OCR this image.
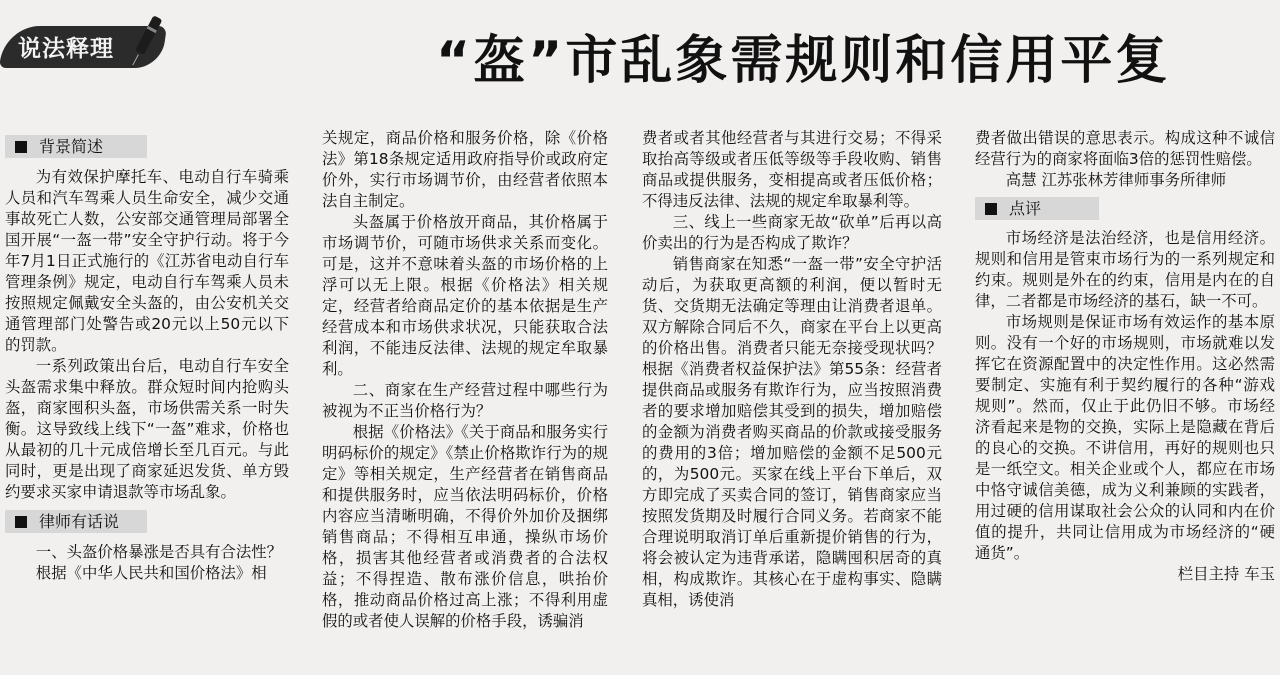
说法释理	“盔”市乱象需规则和信用平复
背景简述

为有效保护摩托车、电动自行车骑乘人员和汽车驾乘人员生命安全，减少交通事故死亡人数，公安部交通管理局部署全国开展“一盔一带”安全守护行动。将于今年7月1日正式施行的《江苏省电动自行车管理条例》规定，电动自行车驾乘人员未按照规定佩戴安全头盔的，由公安机关交通管理部门处警告或20元以上50元以下的罚款。

一系列政策出台后，电动自行车安全头盔需求集中释放。群众短时间内抢购头盔，商家囤积头盔，市场供需关系一时失衡。这导致线上线下“一盔”难求，价格也从最初的几十元成倍增长至几百元。与此同时，更是出现了商家延迟发货、单方毁约要求买家申请退款等市场乱象。

律师有话说

一、头盔价格暴涨是否具有合法性？

根据《中华人民共和国价格法》相

关规定，商品价格和服务价格，除《价格法》第18条规定适用政府指导价或政府定价外，实行市场调节价，由经营者依照本法自主制定。

头盔属于价格放开商品，其价格属于市场调节价，可随市场供求关系而变化。可是，这并不意味着头盔的市场价格的上浮可以无上限。根据《价格法》相关规定，经营者给商品定价的基本依据是生产经营成本和市场供求状况，只能获取合法利润，不能违反法律、法规的规定牟取暴利。

二、商家在生产经营过程中哪些行为被视为不正当价格行为？

根据《价格法》《关于商品和服务实行明码标价的规定》《禁止价格欺诈行为的规定》等相关规定，生产经营者在销售商品和提供服务时，应当依法明码标价，价格内容应当清晰明确，不得价外加价及捆绑销售商品；不得相互串通，操纵市场价格，损害其他经营者或消费者的合法权益；不得捏造、散布涨价信息，哄抬价格，推动商品价格过高上涨；不得利用虚假的或者使人误解的价格手段，诱骗消

费者或者其他经营者与其进行交易；不得采取抬高等级或者压低等级等手段收购、销售商品或提供服务，变相提高或者压低价格；不得违反法律、法规的规定牟取暴利等。

三、线上一些商家无故“砍单”后再以高价卖出的行为是否构成了欺诈？

销售商家在知悉“一盔一带”安全守护活动后，为获取更高额的利润，便以暂时无货、交货期无法确定等理由让消费者退单。双方解除合同后不久，商家在平台上以更高的价格出售。消费者只能无奈接受现状吗？根据《消费者权益保护法》第55条：经营者提供商品或服务有欺诈行为，应当按照消费者的要求增加赔偿其受到的损失，增加赔偿的金额为消费者购买商品的价款或接受服务的费用的3倍；增加赔偿的金额不足500元的，为500元。买家在线上平台下单后，双方即完成了买卖合同的签订，销售商家应当按照发货期及时履行合同义务。若商家不能合理说明取消订单后重新提价销售的行为，将会被认定为违背承诺，隐瞒囤积居奇的真相，构成欺诈。其核心在于虚构事实、隐瞒真相，诱使消

费者做出错误的意思表示。构成这种不诚信经营行为的商家将面临3倍的惩罚性赔偿。

高慧 江苏张林芳律师事务所律师

点评

市场经济是法治经济，也是信用经济。规则和信用是管束市场行为的一系列规定和约束。规则是外在的约束，信用是内在的自律，二者都是市场经济的基石，缺一不可。

市场规则是保证市场有效运作的基本原则。没有一个好的市场规则，市场就难以发挥它在资源配置中的决定性作用。这必然需要制定、实施有利于契约履行的各种“游戏规则”。然而，仅止于此仍旧不够。市场经济看起来是物的交换，实际上是隐藏在背后的良心的交换。不讲信用，再好的规则也只是一纸空文。相关企业或个人，都应在市场中恪守诚信美德，成为义利兼顾的实践者，用过硬的信用谋取社会公众的认同和内在价值的提升，共同让信用成为市场经济的“硬通货”。

栏目主持 车玉
